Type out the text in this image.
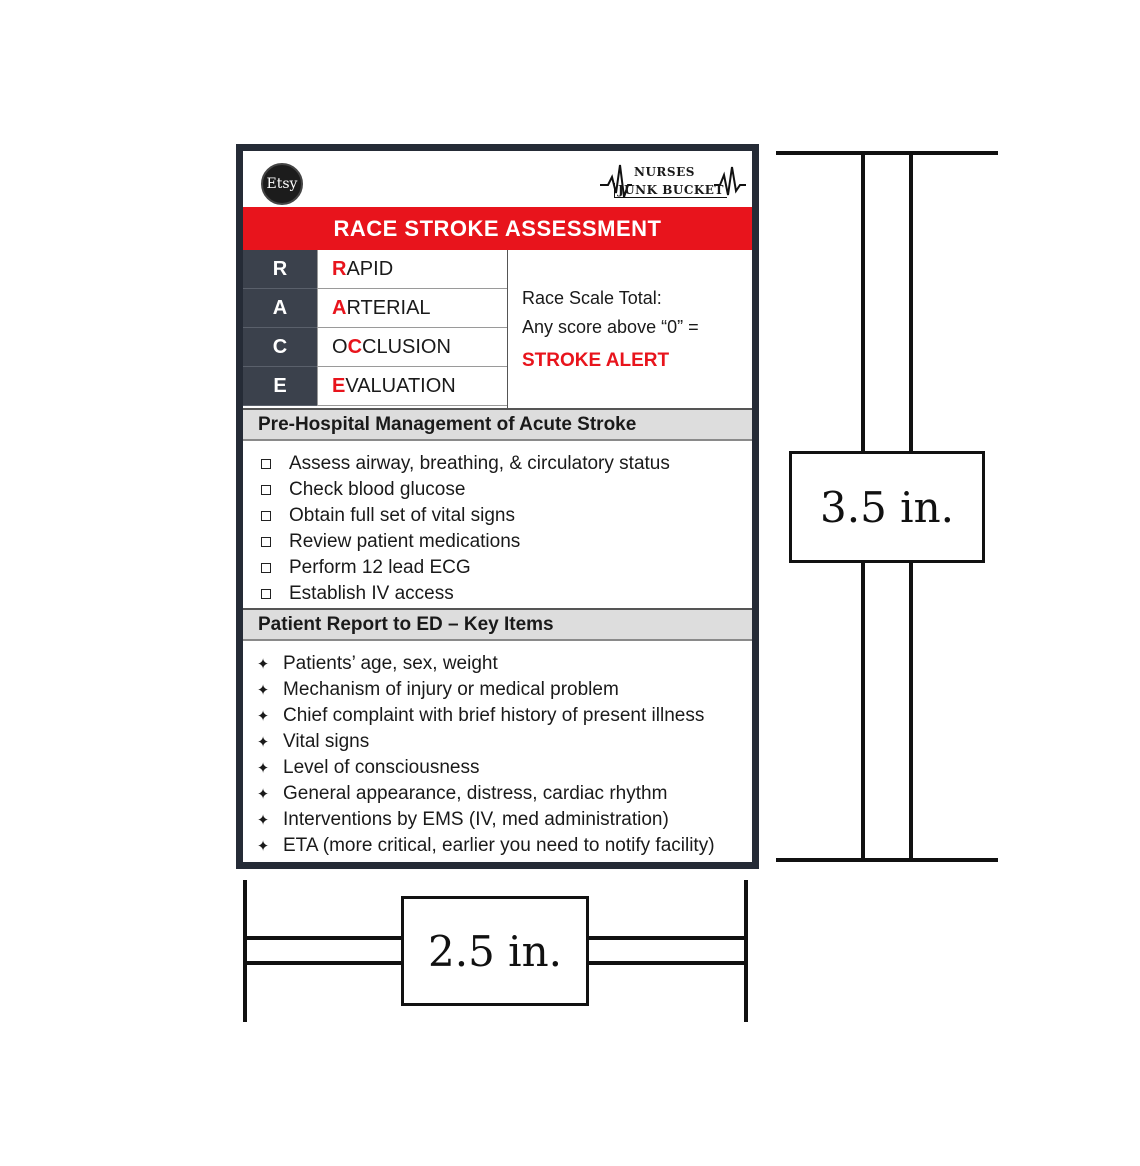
Etsy
NURSES
JUNK BUCKET
RACE STROKE ASSESSMENT
R	R APID
A	A RTERIAL
C	O C CLUSION
E	E VALUATION
Race Scale Total:
Any score above “0” =
STROKE ALERT
Pre-Hospital Management of Acute Stroke
Assess airway, breathing, & circulatory status
Check blood glucose
Obtain full set of vital signs
Review patient medications
Perform 12 lead ECG
Establish IV access
Patient Report to ED – Key Items
✦ Patients’ age, sex, weight
✦ Mechanism of injury or medical problem
✦ Chief complaint with brief history of present illness
✦ Vital signs
✦ Level of consciousness
✦ General appearance, distress, cardiac rhythm
✦ Interventions by EMS (IV, med administration)
✦ ETA (more critical, earlier you need to notify facility)
3.5 in.
2.5 in.
